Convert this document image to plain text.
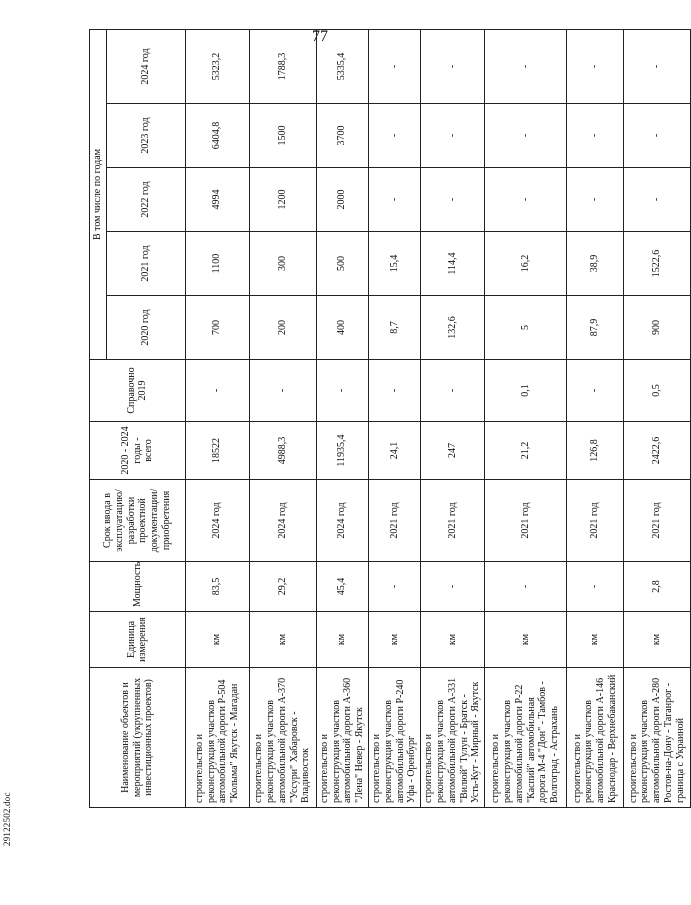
77
Наименование объектов и мероприятий (укрупненных инвестиционных проектов)	Единица измерения	Мощность	Срок ввода в эксплуатацию/ разработки проектной документации/ приобретения	2020 - 2024 годы - всего	Справочно 2019	В том числе по годам				
						2020 год	2021 год	2022 год	2023 год	2024 год
строительство и реконструкция участков автомобильной дороги Р-504 "Колыма" Якутск - Магадан	км	83,5	2024 год	18522	-	700	1100	4994	6404,8	5323,2
строительство и реконструкция участков автомобильной дороги А-370 "Уссури" Хабаровск - Владивосток	км	29,2	2024 год	4988,3	-	200	300	1200	1500	1788,3
строительство и реконструкция участков автомобильной дороги А-360 "Лена" Невер - Якутск	км	45,4	2024 год	11935,4	-	400	500	2000	3700	5335,4
строительство и реконструкция участков автомобильной дороги Р-240 Уфа - Оренбург	км	-	2021 год	24,1	-	8,7	15,4	-	-	-
строительство и реконструкция участков автомобильной дороги А-331 "Вилюй" Тулун - Братск - Усть-Кут - Мирный - Якутск	км	-	2021 год	247	-	132,6	114,4	-	-	-
строительство и реконструкция участков автомобильной дороги Р-22 "Каспий" автомобильная дорога М-4 "Дон" - Тамбов - Волгоград - Астрахань	км	-	2021 год	21,2	0,1	5	16,2	-	-	-
строительство и реконструкция участков автомобильной дороги А-146 Краснодар - Верхнебаканский	км	-	2021 год	126,8	-	87,9	38,9	-	-	-
строительство и реконструкция участков автомобильной дороги А-280 Ростов-на-Дону - Таганрог - граница с Украиной	км	2,8	2021 год	2422,6	0,5	900	1522,6	-	-	-
29122502.doc
